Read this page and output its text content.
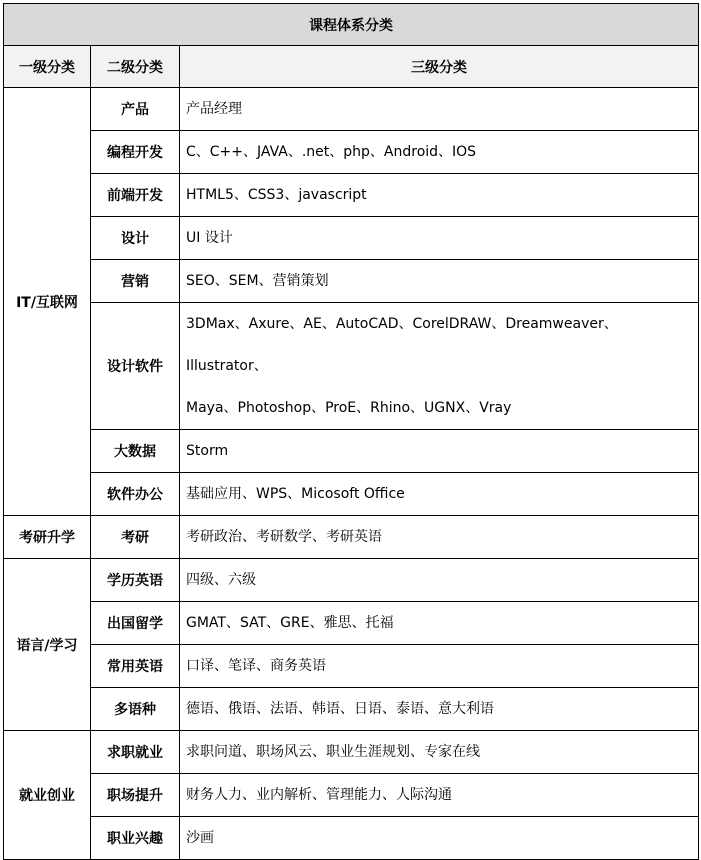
课程体系分类		
一级分类	二级分类	三级分类
IT/互联网	产品	产品经理

	编程开发	C、C++、JAVA、.net、php、Android、IOS

	前端开发	HTML5、CSS3、javascript

	设计	UI 设计

	营销	SEO、SEM、营销策划

	设计软件	3DMax、Axure、AE、AutoCAD、CorelDRAW、Dreamweaver、Illustrator、
Maya、Photoshop、ProE、Rhino、UGNX、Vray

	大数据	Storm

	软件办公	基础应用、WPS、Micosoft Office

考研升学	考研	考研政治、考研数学、考研英语

语言/学习	学历英语	四级、六级

	出国留学	GMAT、SAT、GRE、雅思、托福

	常用英语	口译、笔译、商务英语

	多语种	德语、俄语、法语、韩语、日语、泰语、意大利语

就业创业	求职就业	求职问道、职场风云、职业生涯规划、专家在线

	职场提升	财务人力、业内解析、管理能力、人际沟通

	职业兴趣	沙画
